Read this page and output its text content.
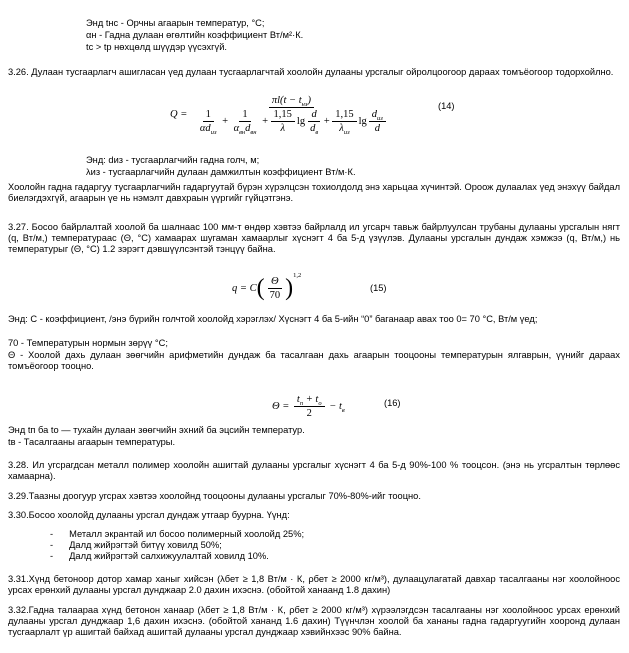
Энд tнс - Орчны агаарын температур, °С;

αн - Гадна дулаан өгөлтийн коэффициент Вт/м²·К.

tc > tp нөхцөлд шүүдэр үүсэхгүй.

3.26. Дулаан тусгаарлагч ашигласан үед дулаан тусгаарлагчтай хоолойн дулааны урсгалыг ойролцоогоор дараах томъёогоор тодорхойлно.

Q =
$\pi l(t - t_{нз})$
$\frac{1}{\alpha d_{из}} + \frac{1}{\alpha_{вн}d_{вн}} + \frac{1,15}{\lambda}$ $\lg \frac{d}{d_в} + \frac{1,15}{\lambda_{из}}$ $\lg \frac{d_{из}}{d}$
(14)

Энд: dиз - тусгаарлагчийн гадна голч, м;

λиз - тусгаарлагчийн дулаан дамжилтын коэффициент Вт/м·К.

Хоолойн гадна гадаргуу тусгаарлагчийн гадаргуутай бүрэн хүрэлцсэн тохиолдолд энэ харьцаа хүчинтэй. Ороож дулаалах үед энэхүү байдал биелэгдэхгүй, агаарын үе нь нэмэлт давхраын үүргийг гүйцэтгэнэ.

3.27. Босоо байрлалтай хоолой ба шалнаас 100 мм-т өндөр хэвтээ байрлалд ил угсарч тавьж байрлуулсан трубаны дулааны урсгалын нягт (q, Вт/м,) температураас (Θ, °С) хамаарах шугаман хамаарлыг хүснэгт 4 ба 5-д үзүүлэв. Дулааны урсгалын дундаж хэмжээ (q, Вт/м,) нь температурыг (Θ, °С) 1.2 зэрэгт дэвшүүлсэнтэй тэнцүү байна.

q = C ( $\frac{\Theta}{70}$ ) 1,2
(15)

Энд: С - коэффициент, /энэ бүрийн голчтой хоолойд хэрэглэх/ Хүснэгт 4 ба 5-ийн “0” баганаар авах тоо 0= 70 °С, Вт/м үед;

70 - Температурын нормын зөрүү °С;

Θ - Хоолой дахь дулаан зөөгчийн арифметийн дундаж ба тасалгаан дахь агаарын тооцооны температурын ялгаврын, үүнийг дараах томъёогоор тооцно.

$\Theta = \frac{t_п + t_о}{2} - t_в$
(16)

Энд tп ба tо — тухайн дулаан зөөгчийн эхний ба эцсийн температур.

tв - Тасалгааны агаарын температуры.

3.28. Ил угсрагдсан металл полимер хоолойн ашигтай дулааны урсгалыг хүснэгт 4 ба 5-д 90%-100 % тооцсон. (энэ нь угсралтын төрлөөс хамаарна).

3.29.Таазны доогуур угсрах хэвтээ хоолойнд тооцооны дулааны урсгалыг 70%-80%-ийг тооцно.

3.30.Босоо хоолойд дулааны урсгал дундаж утгаар буурна. Үүнд:

- Металл экрантай ил босоо полимерный хоолойд 25%;
- Далд жийрэгтэй битүү ховилд 50%;
- Далд жийрэгтэй салхижуулалтай ховилд 10%.

3.31.Хүнд бетоноор дотор хамар ханыг хийсэн (λбет ≥ 1,8 Вт/м · К, ρбет ≥ 2000 кг/м³), дулаацулагатай давхар тасалгааны нэг хоолойноос урсах ерөнхий дулааны урсгал дунджаар 2.0 дахин ихэснэ. (обойтой ханаанд 1.8 дахин)

3.32.Гадна талаараа хүнд бетонон ханаар (λбет ≥ 1,8 Вт/м · К, ρбет ≥ 2000 кг/м³) хүрээлэгдсэн тасалгааны нэг хоолойноос урсах ерөнхий дулааны урсгал дунджаар 1,6 дахин ихэснэ. (обойтой хананд 1.6 дахин) Түүнчлэн хоолой ба хананы гадна гадаргуугийн хооронд дулаан тусгаарлалт үр ашигтай байхад ашигтай дулааны урсгал дунджаар хэвийнхээс 90% байна.
